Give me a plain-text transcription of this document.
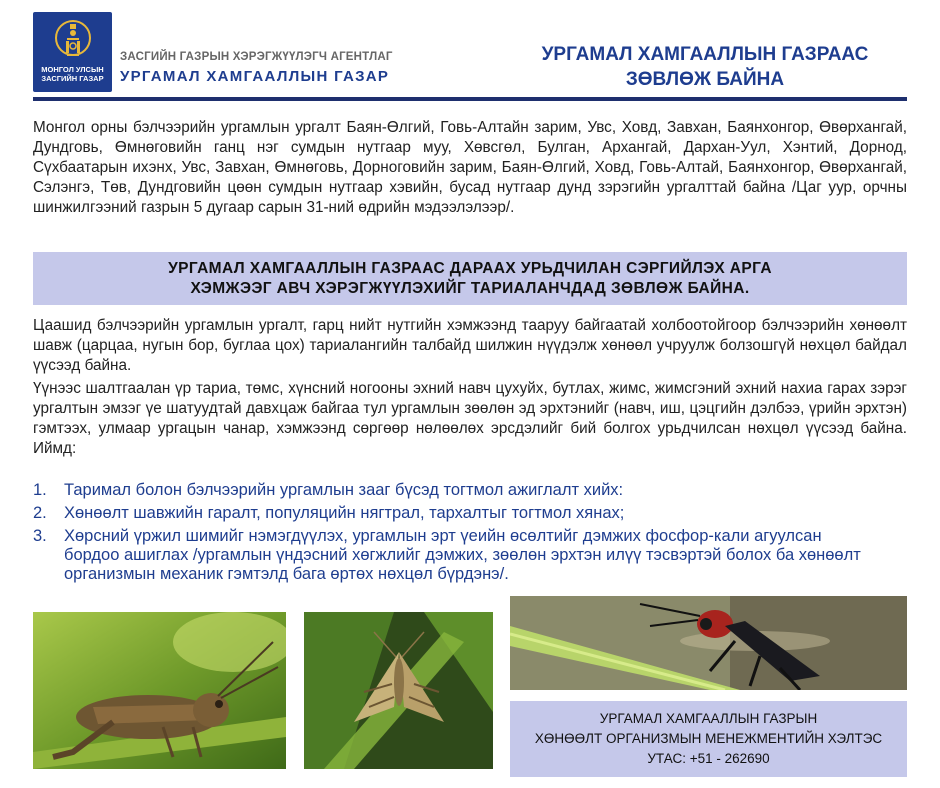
МОНГОЛ УЛСЫН
ЗАСГИЙН ГАЗАР
ЗАСГИЙН ГАЗРЫН ХЭРЭГЖҮҮЛЭГЧ АГЕНТЛАГ
УРГАМАЛ ХАМГААЛЛЫН ГАЗАР
УРГАМАЛ ХАМГААЛЛЫН ГАЗРААС
ЗӨВЛӨЖ БАЙНА

Монгол орны бэлчээрийн ургамлын ургалт Баян-Өлгий, Говь-Алтайн зарим, Увс, Ховд, Завхан, Баянхонгор, Өвөрхангай, Дундговь, Өмнөговийн ганц нэг сумдын нутгаар муу, Хөвсгөл, Булган, Архангай, Дархан-Уул, Хэнтий, Дорнод, Сүхбаатарын ихэнх, Увс, Завхан, Өмнөговь, Дорноговийн зарим, Баян-Өлгий, Ховд, Говь-Алтай, Баянхонгор, Өвөрхангай, Сэлэнгэ, Төв, Дундговийн цөөн сумдын нутгаар хэвийн, бусад нутгаар дунд зэрэгийн ургалттай байна /Цаг уур, орчны шинжилгээний газрын 5 дугаар сарын 31-ний өдрийн мэдээлэлээр/.

УРГАМАЛ ХАМГААЛЛЫН ГАЗРААС ДАРААХ УРЬДЧИЛАН СЭРГИЙЛЭХ АРГА
ХЭМЖЭЭГ АВЧ ХЭРЭГЖҮҮЛЭХИЙГ ТАРИАЛАНЧДАД ЗӨВЛӨЖ БАЙНА.

Цаашид бэлчээрийн ургамлын ургалт, гарц нийт нутгийн хэмжээнд тааруу байгаатай холбоотойгоор бэлчээрийн хөнөөлт шавж (царцаа, нугын бор, буглаа цох) тариалангийн талбайд шилжин нүүдэлж хөнөөл учруулж болзошгүй нөхцөл байдал үүсээд байна.

Үүнээс шалтгаалан үр тариа, төмс, хүнсний ногооны эхний навч цухуйх, бутлах, жимс, жимсгэний эхний нахиа гарах зэрэг ургалтын эмзэг үе шатуудтай давхцаж байгаа тул ургамлын зөөлөн эд эрхтэнийг (навч, иш, цэцгийн дэлбээ, үрийн эрхтэн) гэмтээх, улмаар ургацын чанар, хэмжээнд сөргөөр нөлөөлөх эрсдэлийг бий болгох урьдчилсан нөхцөл үүсээд байна. Иймд:

1.	Таримал болон бэлчээрийн ургамлын зааг бүсэд тогтмол ажиглалт хийх:
2.	Хөнөөлт шавжийн гаралт, популяцийн нягтрал, тархалтыг тогтмол хянах;
3.	Хөрсний үржил шимийг нэмэгдүүлэх, ургамлын эрт үеийн өсөлтийг дэмжих фосфор-кали агуулсан бордоо ашиглах /ургамлын үндэсний хөгжлийг дэмжих, зөөлөн эрхтэн илүү тэсвэртэй болох ба хөнөөлт организмын механик гэмтэлд бага өртөх нөхцөл бүрдэнэ/.
УРГАМАЛ ХАМГААЛЛЫН ГАЗРЫН
ХӨНӨӨЛТ ОРГАНИЗМЫН МЕНЕЖМЕНТИЙН ХЭЛТЭС
УТАС: +51 - 262690
